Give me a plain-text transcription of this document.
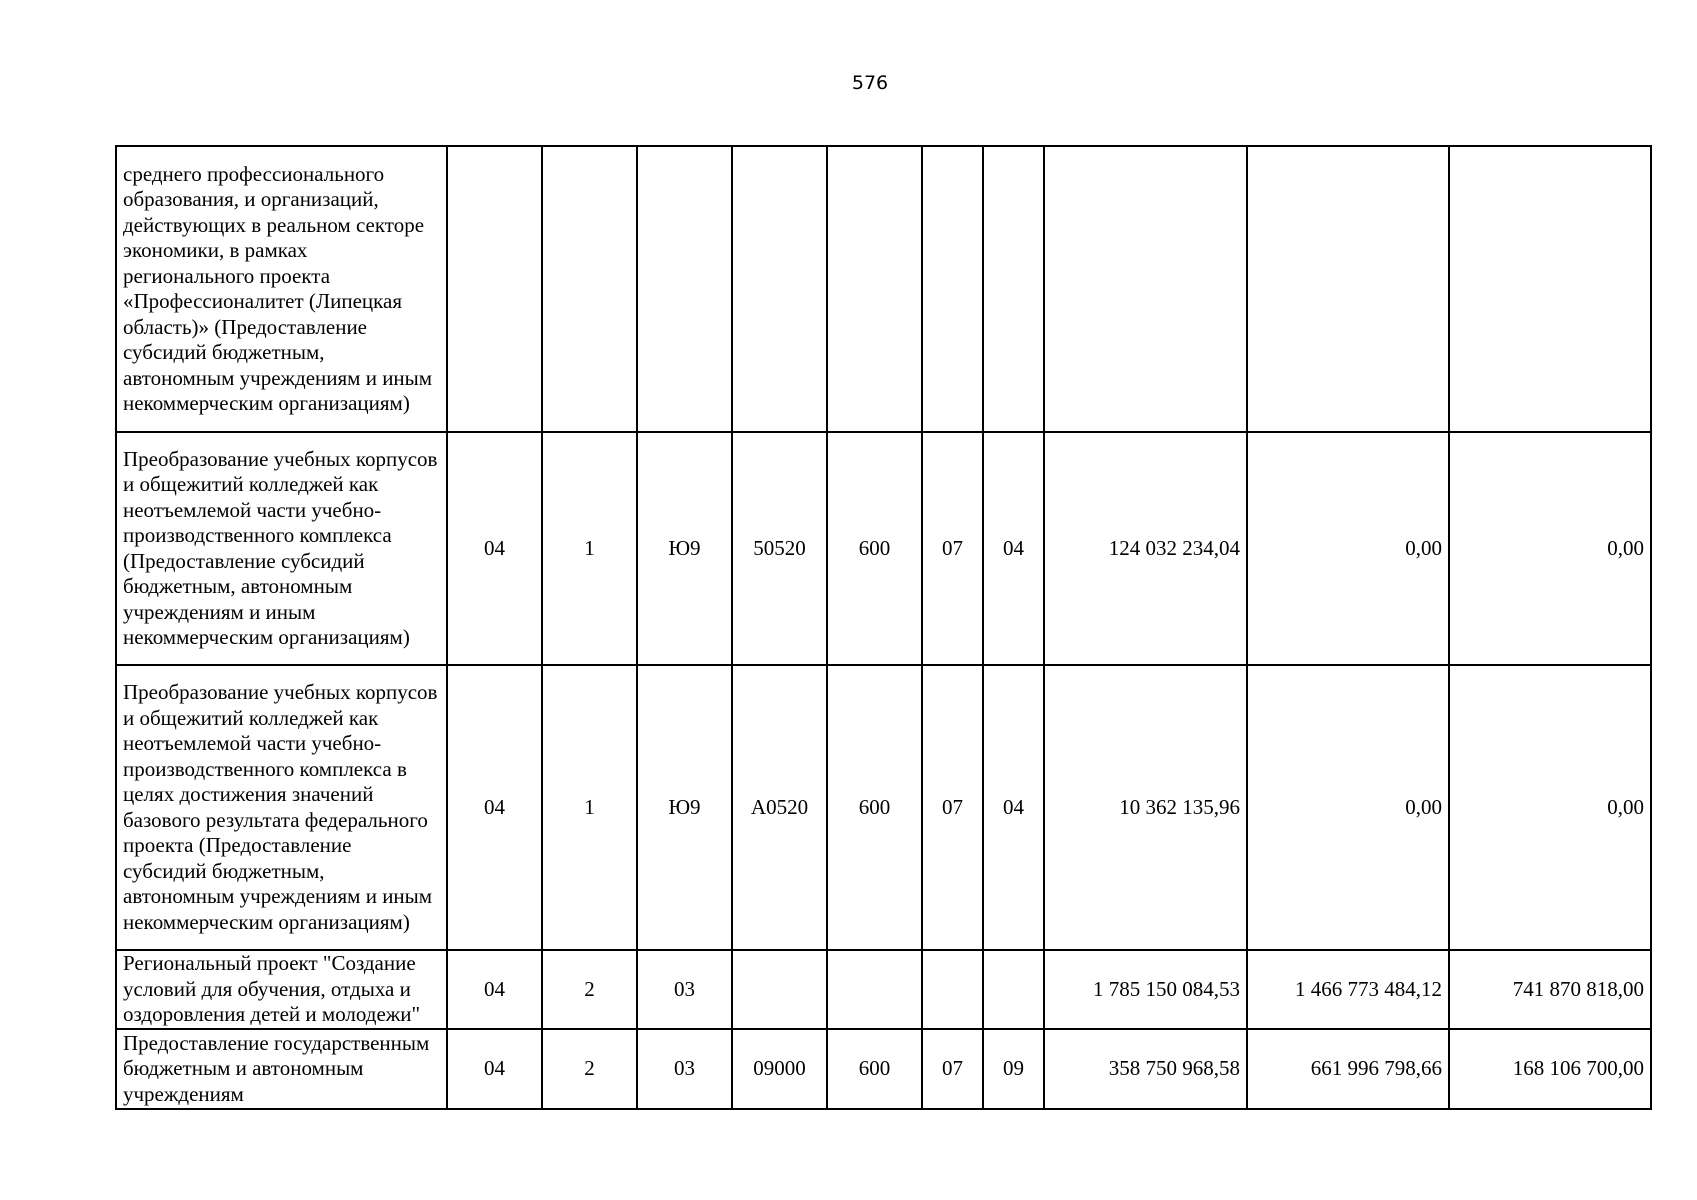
576
среднего профессионального образования, и организаций, действующих в реальном секторе экономики, в рамках регионального проекта «Профессионалитет (Липецкая область)» (Предоставление субсидий бюджетным, автономным учреждениям и иным некоммерческим организациям)										
Преобразование учебных корпусов и общежитий колледжей как неотъемлемой части учебно-производственного комплекса (Предоставление субсидий бюджетным, автономным учреждениям и иным некоммерческим организациям)	04	1	Ю9	50520	600	07	04	124 032 234,04	0,00	0,00
Преобразование учебных корпусов и общежитий колледжей как неотъемлемой части учебно-производственного комплекса в целях достижения значений базового результата федерального проекта (Предоставление субсидий бюджетным, автономным учреждениям и иным некоммерческим организациям)	04	1	Ю9	А0520	600	07	04	10 362 135,96	0,00	0,00
Региональный проект "Создание условий для обучения, отдыха и оздоровления детей и молодежи"	04	2	03					1 785 150 084,53	1 466 773 484,12	741 870 818,00
Предоставление государственным бюджетным и автономным учреждениям	04	2	03	09000	600	07	09	358 750 968,58	661 996 798,66	168 106 700,00
